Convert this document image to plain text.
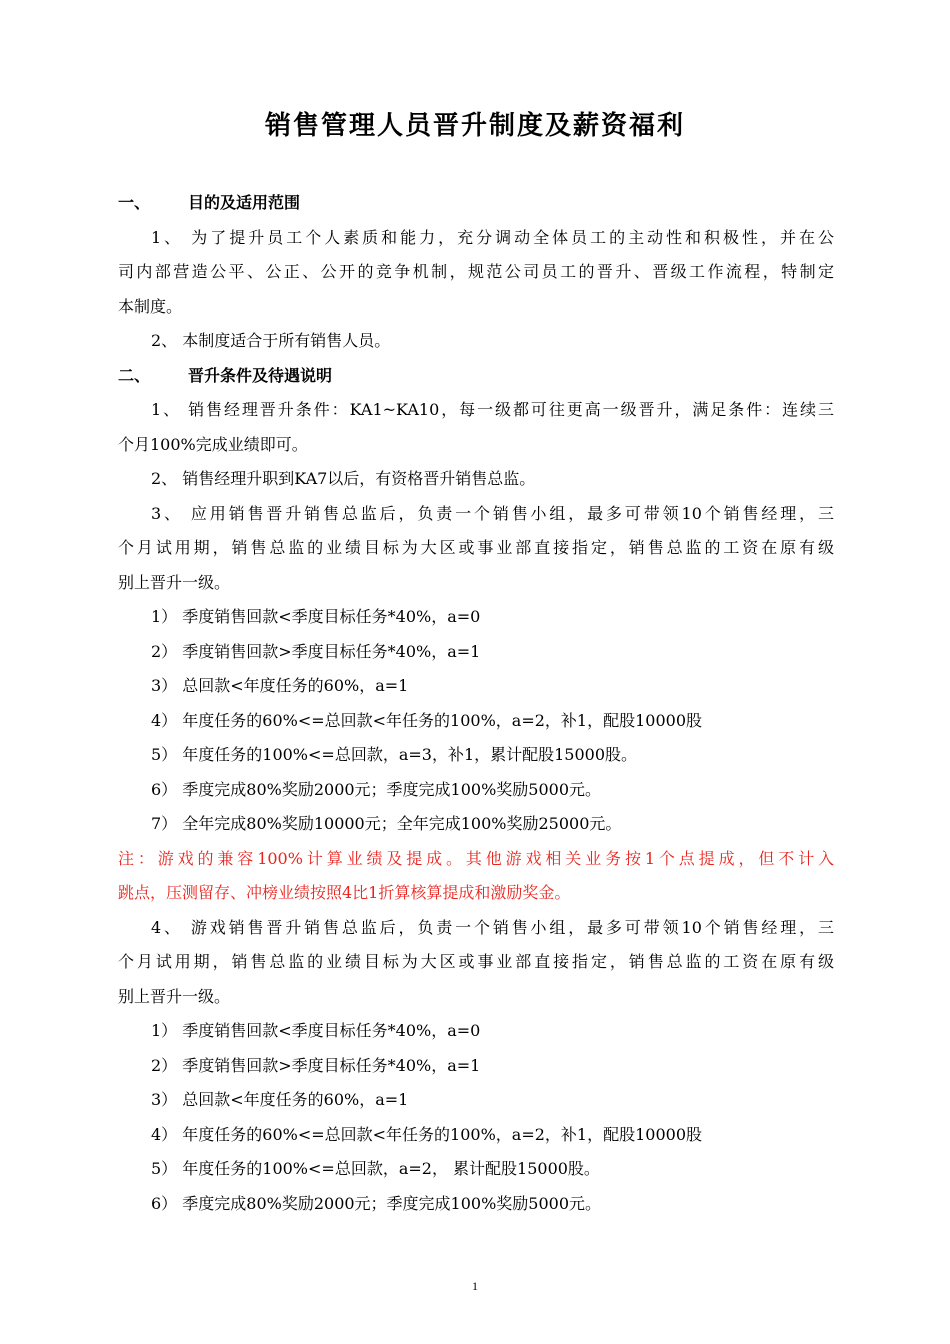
销售管理人员晋升制度及薪资福利
一、 目的及适用范围
1、 为了提升员工个人素质和能力，充分调动全体员工的主动性和积极性，并在公
司内部营造公平、公正、公开的竞争机制，规范公司员工的晋升、晋级工作流程，特制定
本制度。
2、 本制度适合于所有销售人员。
二、 晋升条件及待遇说明
1、 销售经理晋升条件：KA1~KA10，每一级都可往更高一级晋升，满足条件：连续三
个月100%完成业绩即可。
2、 销售经理升职到KA7以后，有资格晋升销售总监。
3、 应用销售晋升销售总监后，负责一个销售小组，最多可带领10个销售经理，三
个月试用期，销售总监的业绩目标为大区或事业部直接指定，销售总监的工资在原有级
别上晋升一级。
1） 季度销售回款<季度目标任务*40%，a=0
2） 季度销售回款>季度目标任务*40%，a=1
3） 总回款<年度任务的60%，a=1
4） 年度任务的60%<=总回款<年任务的100%，a=2，补1，配股10000股
5） 年度任务的100%<=总回款，a=3，补1，累计配股15000股。
6） 季度完成80%奖励2000元；季度完成100%奖励5000元。
7） 全年完成80%奖励10000元；全年完成100%奖励25000元。
注：游戏的兼容100%计算业绩及提成。其他游戏相关业务按1个点提成，但不计入
跳点，压测留存、冲榜业绩按照4比1折算核算提成和激励奖金。
4、 游戏销售晋升销售总监后，负责一个销售小组，最多可带领10个销售经理，三
个月试用期，销售总监的业绩目标为大区或事业部直接指定，销售总监的工资在原有级
别上晋升一级。
1） 季度销售回款<季度目标任务*40%，a=0
2） 季度销售回款>季度目标任务*40%，a=1
3） 总回款<年度任务的60%，a=1
4） 年度任务的60%<=总回款<年任务的100%，a=2，补1，配股10000股
5） 年度任务的100%<=总回款，a=2， 累计配股15000股。
6） 季度完成80%奖励2000元；季度完成100%奖励5000元。
1
